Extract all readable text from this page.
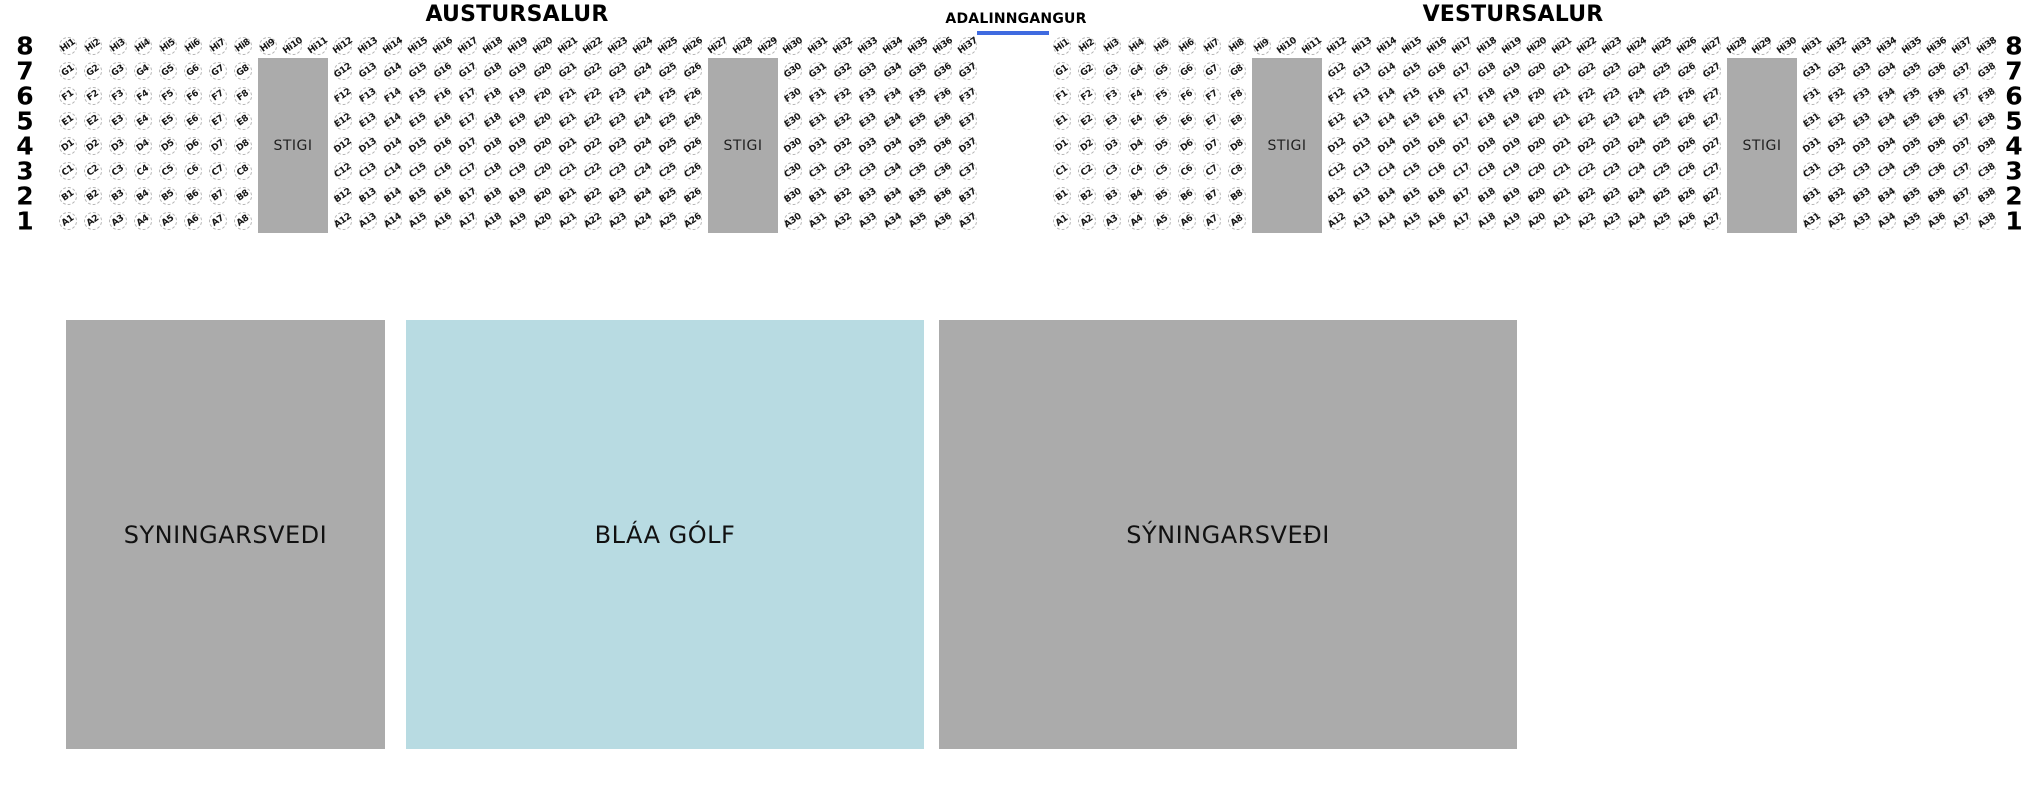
AUSTURSALUR	ADALINNGANGUR	VESTURSALUR
STIGI	STIGI	STIGI	STIGI
SYNINGARSVEDI	BLÁA GÓLF	SÝNINGARSVEÐI
8
7
6
5
4
3
2
1
8
7
6
5
4
3
2
1
Hi1 Hi2 Hi3 Hi4 Hi5 Hi6 Hi7 Hi8 Hi9 Hi10 Hi11 Hi12 Hi13 Hi14 Hi15 Hi16 Hi17 Hi18 Hi19 Hi20 Hi21 Hi22 Hi23 Hi24 Hi25 Hi26 Hi27 Hi28 Hi29 Hi30 Hi31 Hi32 Hi33 Hi34 Hi35 Hi36 Hi37
G1 G2 G3 G4 G5 G6 G7 G8	G12 G13 G14 G15 G16 G17 G18 G19 G20 G21 G22 G23 G24 G25 G26	G30 G31 G32 G33 G34 G35 G36 G37
F1 F2 F3 F4 F5 F6 F7 F8	F12 F13 F14 F15 F16 F17 F18 F19 F20 F21 F22 F23 F24 F25 F26	F30 F31 F32 F33 F34 F35 F36 F37
E1 E2 E3 E4 E5 E6 E7 E8	E12 E13 E14 E15 E16 E17 E18 E19 E20 E21 E22 E23 E24 E25 E26	E30 E31 E32 E33 E34 E35 E36 E37
D1 D2 D3 D4 D5 D6 D7 D8	D12 D13 D14 D15 D16 D17 D18 D19 D20 D21 D22 D23 D24 D25 D26	D30 D31 D32 D33 D34 D35 D36 D37
C1 C2 C3 C4 C5 C6 C7 C8	C12 C13 C14 C15 C16 C17 C18 C19 C20 C21 C22 C23 C24 C25 C26	C30 C31 C32 C33 C34 C35 C36 C37
B1 B2 B3 B4 B5 B6 B7 B8	B12 B13 B14 B15 B16 B17 B18 B19 B20 B21 B22 B23 B24 B25 B26	B30 B31 B32 B33 B34 B35 B36 B37
A1 A2 A3 A4 A5 A6 A7 A8	A12 A13 A14 A15 A16 A17 A18 A19 A20 A21 A22 A23 A24 A25 A26	A30 A31 A32 A33 A34 A35 A36 A37
Hi1 Hi2 Hi3 Hi4 Hi5 Hi6 Hi7 Hi8 Hi9 Hi10 Hi11 Hi12 Hi13 Hi14 Hi15 Hi16 Hi17 Hi18 Hi19 Hi20 Hi21 Hi22 Hi23 Hi24 Hi25 Hi26 Hi27 Hi28 Hi29 Hi30 Hi31 Hi32 Hi33 Hi34 Hi35 Hi36 Hi37 Hi38
G1 G2 G3 G4 G5 G6 G7 G8	G12 G13 G14 G15 G16 G17 G18 G19 G20 G21 G22 G23 G24 G25 G26 G27	G31 G32 G33 G34 G35 G36 G37 G38
F1 F2 F3 F4 F5 F6 F7 F8	F12 F13 F14 F15 F16 F17 F18 F19 F20 F21 F22 F23 F24 F25 F26 F27	F31 F32 F33 F34 F35 F36 F37 F38
E1 E2 E3 E4 E5 E6 E7 E8	E12 E13 E14 E15 E16 E17 E18 E19 E20 E21 E22 E23 E24 E25 E26 E27	E31 E32 E33 E34 E35 E36 E37 E38
D1 D2 D3 D4 D5 D6 D7 D8	D12 D13 D14 D15 D16 D17 D18 D19 D20 D21 D22 D23 D24 D25 D26 D27	D31 D32 D33 D34 D35 D36 D37 D38
C1 C2 C3 C4 C5 C6 C7 C8	C12 C13 C14 C15 C16 C17 C18 C19 C20 C21 C22 C23 C24 C25 C26 C27	C31 C32 C33 C34 C35 C36 C37 C38
B1 B2 B3 B4 B5 B6 B7 B8	B12 B13 B14 B15 B16 B17 B18 B19 B20 B21 B22 B23 B24 B25 B26 B27	B31 B32 B33 B34 B35 B36 B37 B38
A1 A2 A3 A4 A5 A6 A7 A8	A12 A13 A14 A15 A16 A17 A18 A19 A20 A21 A22 A23 A24 A25 A26 A27	A31 A32 A33 A34 A35 A36 A37 A38
